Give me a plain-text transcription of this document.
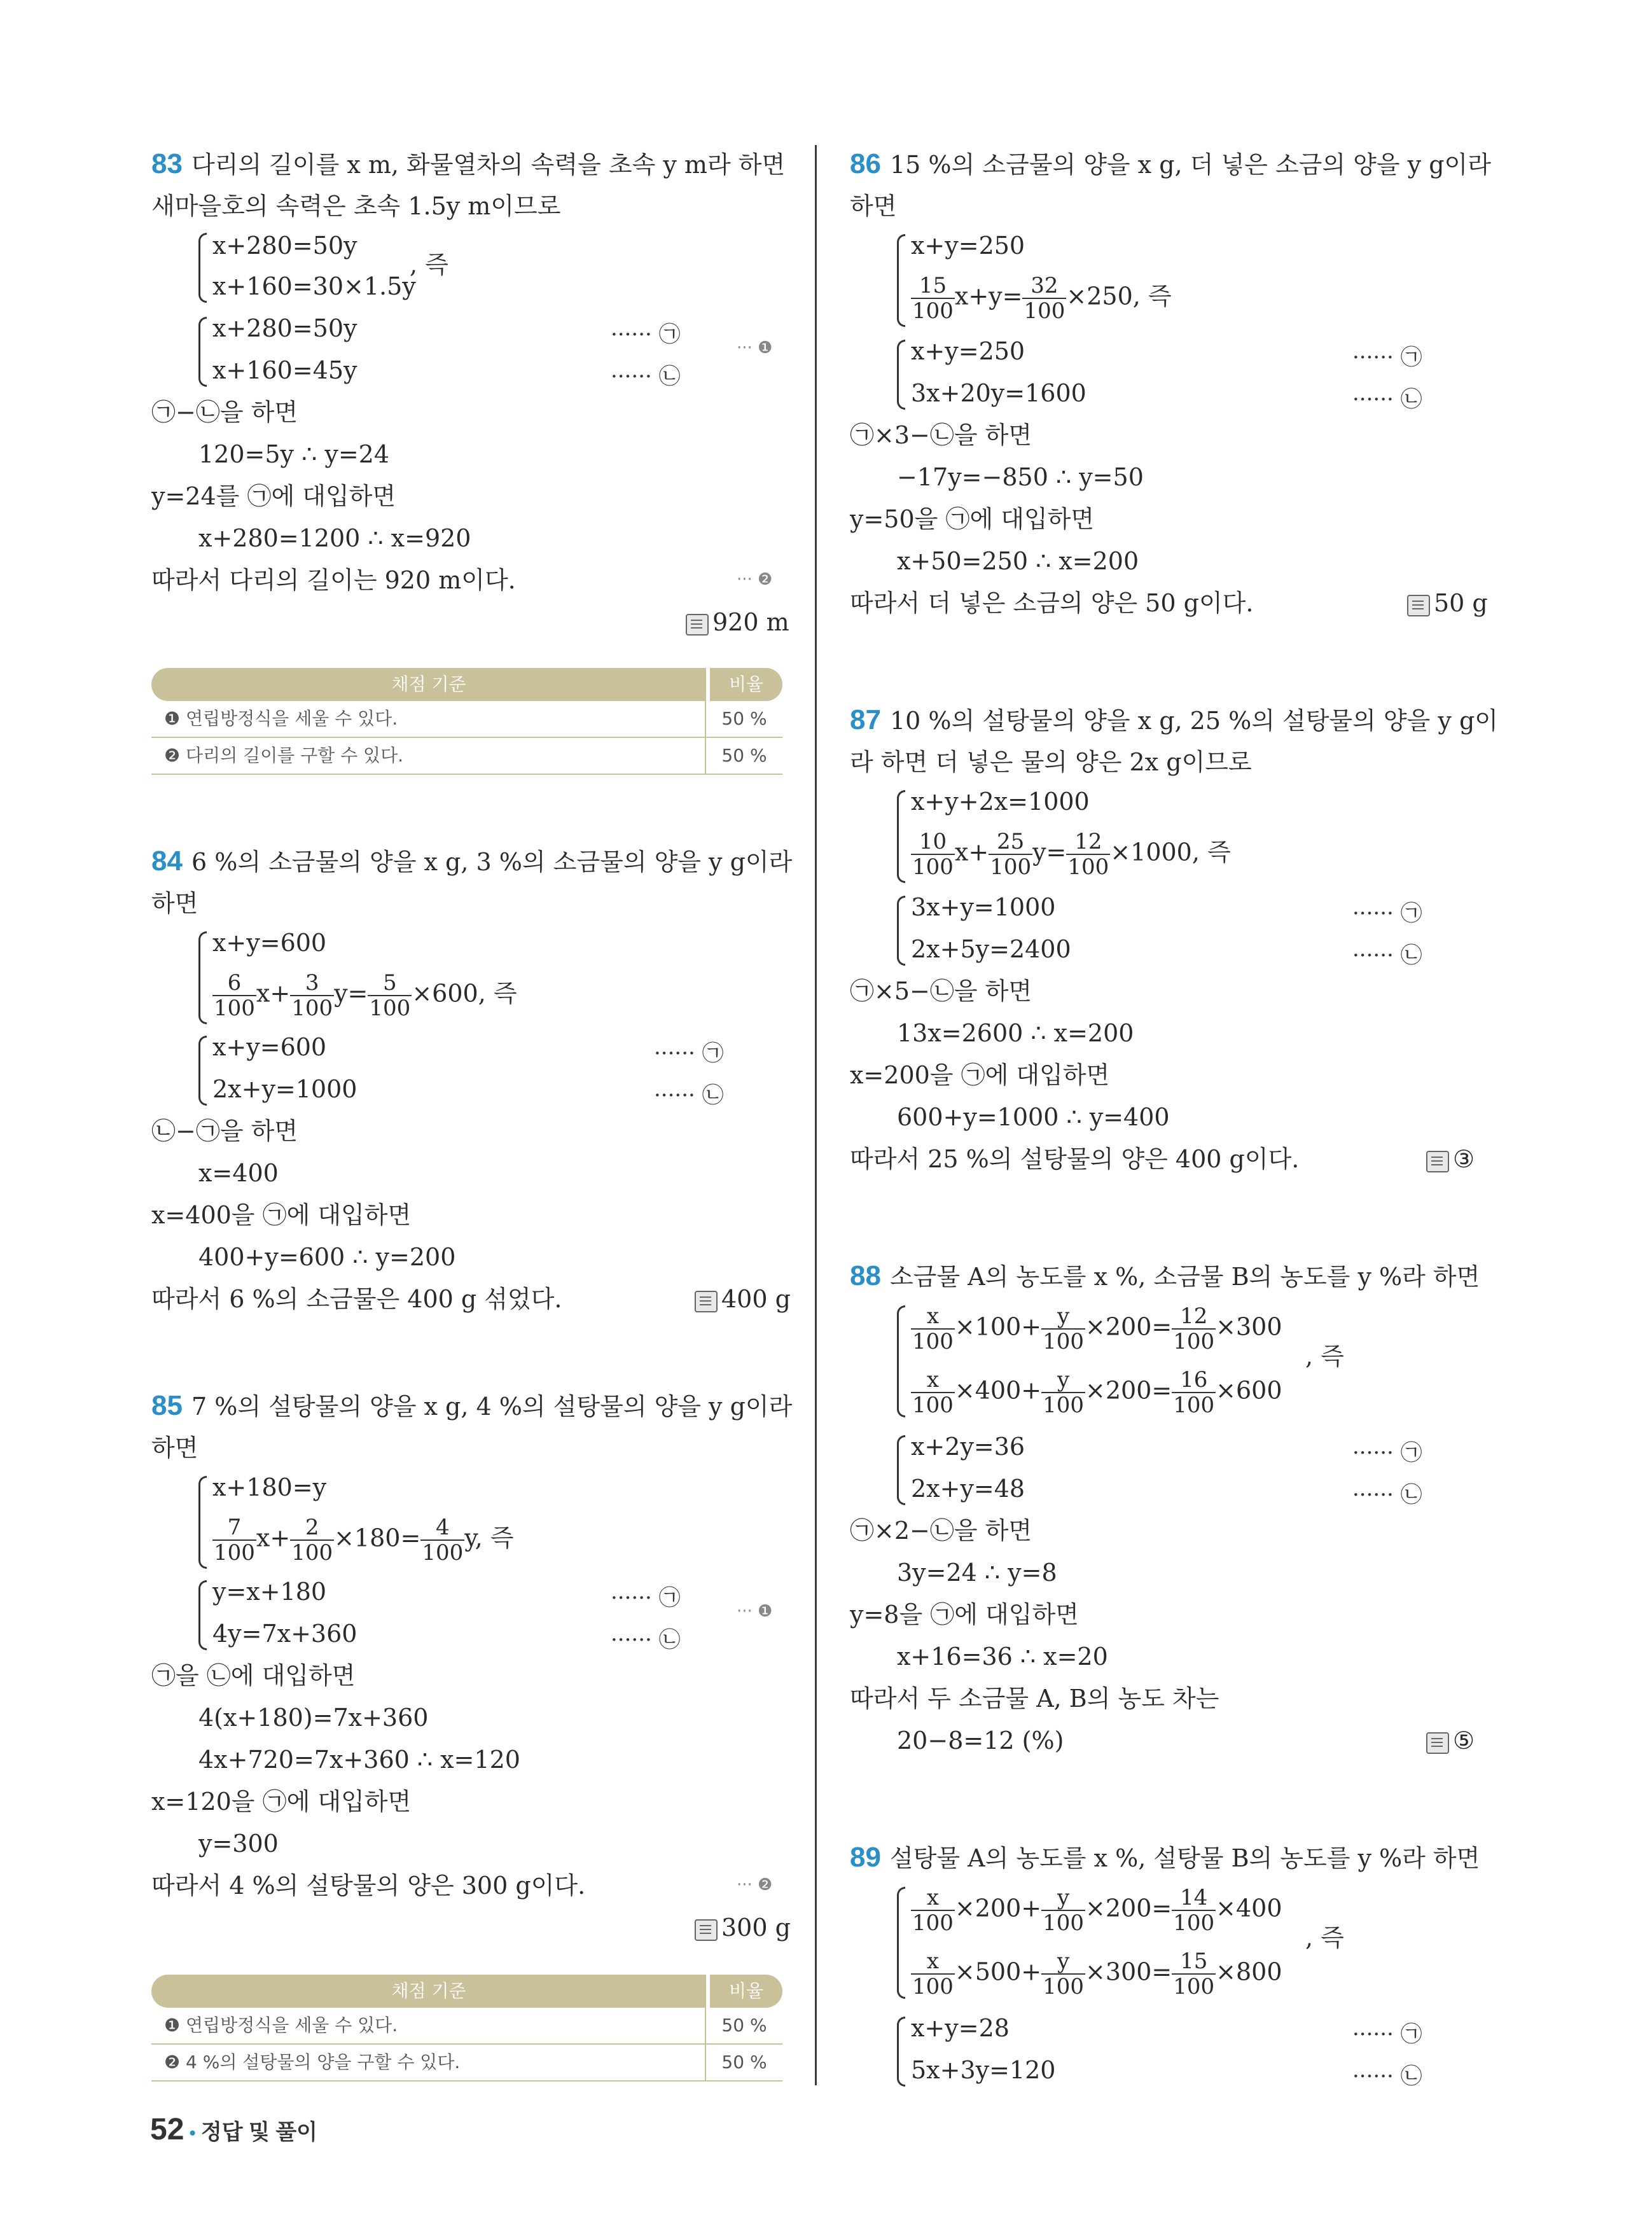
83 다리의 길이를 x m, 화물열차의 속력을 초속 y m라 하면
새마을호의 속력은 초속 1.5y m이므로
x+280=50y
x+160=30×1.5y
, 즉
x+280=50y
x+160=45y
······ ㉠
······ ㉡
··· ❶
㉠−㉡을 하면
120=5y ∴ y=24
y=24를 ㉠에 대입하면
x+280=1200 ∴ x=920
따라서 다리의 길이는 920 m이다.	··· ❷
920 m
채점 기준	비율
❶ 연립방정식을 세울 수 있다.	50 %
❷ 다리의 길이를 구할 수 있다.	50 %
84 6 %의 소금물의 양을 x g, 3 %의 소금물의 양을 y g이라
하면
x+y=600
$\frac{6}{100} x+ \frac{3}{100} y= \frac{5}{100} \times 600$, 즉
x+y=600
2x+y=1000
······ ㉠
······ ㉡
㉡−㉠을 하면
x=400
x=400을 ㉠에 대입하면
400+y=600 ∴ y=200
따라서 6 %의 소금물은 400 g 섞었다.	400 g
85 7 %의 설탕물의 양을 x g, 4 %의 설탕물의 양을 y g이라
하면
x+180=y
$\frac{7}{100} x+ \frac{2}{100} \times 180= \frac{4}{100} y$, 즉
y=x+180
4y=7x+360
······ ㉠
······ ㉡
··· ❶
㉠을 ㉡에 대입하면
4(x+180)=7x+360
4x+720=7x+360 ∴ x=120
x=120을 ㉠에 대입하면
y=300
따라서 4 %의 설탕물의 양은 300 g이다.	··· ❷
300 g
채점 기준	비율
❶ 연립방정식을 세울 수 있다.	50 %
❷ 4 %의 설탕물의 양을 구할 수 있다.	50 %
86 15 %의 소금물의 양을 x g, 더 넣은 소금의 양을 y g이라
하면
x+y=250
$\frac{15}{100} x+y= \frac{32}{100} \times 250$, 즉
x+y=250
3x+20y=1600
······ ㉠
······ ㉡
㉠×3−㉡을 하면
−17y=−850 ∴ y=50
y=50을 ㉠에 대입하면
x+50=250 ∴ x=200
따라서 더 넣은 소금의 양은 50 g이다.	50 g
87 10 %의 설탕물의 양을 x g, 25 %의 설탕물의 양을 y g이
라 하면 더 넣은 물의 양은 2x g이므로
x+y+2x=1000
$\frac{10}{100} x+ \frac{25}{100} y= \frac{12}{100} \times 1000$, 즉
3x+y=1000
2x+5y=2400
······ ㉠
······ ㉡
㉠×5−㉡을 하면
13x=2600 ∴ x=200
x=200을 ㉠에 대입하면
600+y=1000 ∴ y=400
따라서 25 %의 설탕물의 양은 400 g이다.	③
88 소금물 A의 농도를 x %, 소금물 B의 농도를 y %라 하면
$\frac{x}{100} \times 100+ \frac{y}{100} \times 200= \frac{12}{100} \times 300$
$\frac{x}{100} \times 400+ \frac{y}{100} \times 200= \frac{16}{100} \times 600$
, 즉
x+2y=36
2x+y=48
······ ㉠
······ ㉡
㉠×2−㉡을 하면
3y=24 ∴ y=8
y=8을 ㉠에 대입하면
x+16=36 ∴ x=20
따라서 두 소금물 A, B의 농도 차는
20−8=12 (%)	⑤
89 설탕물 A의 농도를 x %, 설탕물 B의 농도를 y %라 하면
$\frac{x}{100} \times 200+ \frac{y}{100} \times 200= \frac{14}{100} \times 400$
$\frac{x}{100} \times 500+ \frac{y}{100} \times 300= \frac{15}{100} \times 800$
, 즉
x+y=28
5x+3y=120
······ ㉠
······ ㉡
52 • 정답 및 풀이
